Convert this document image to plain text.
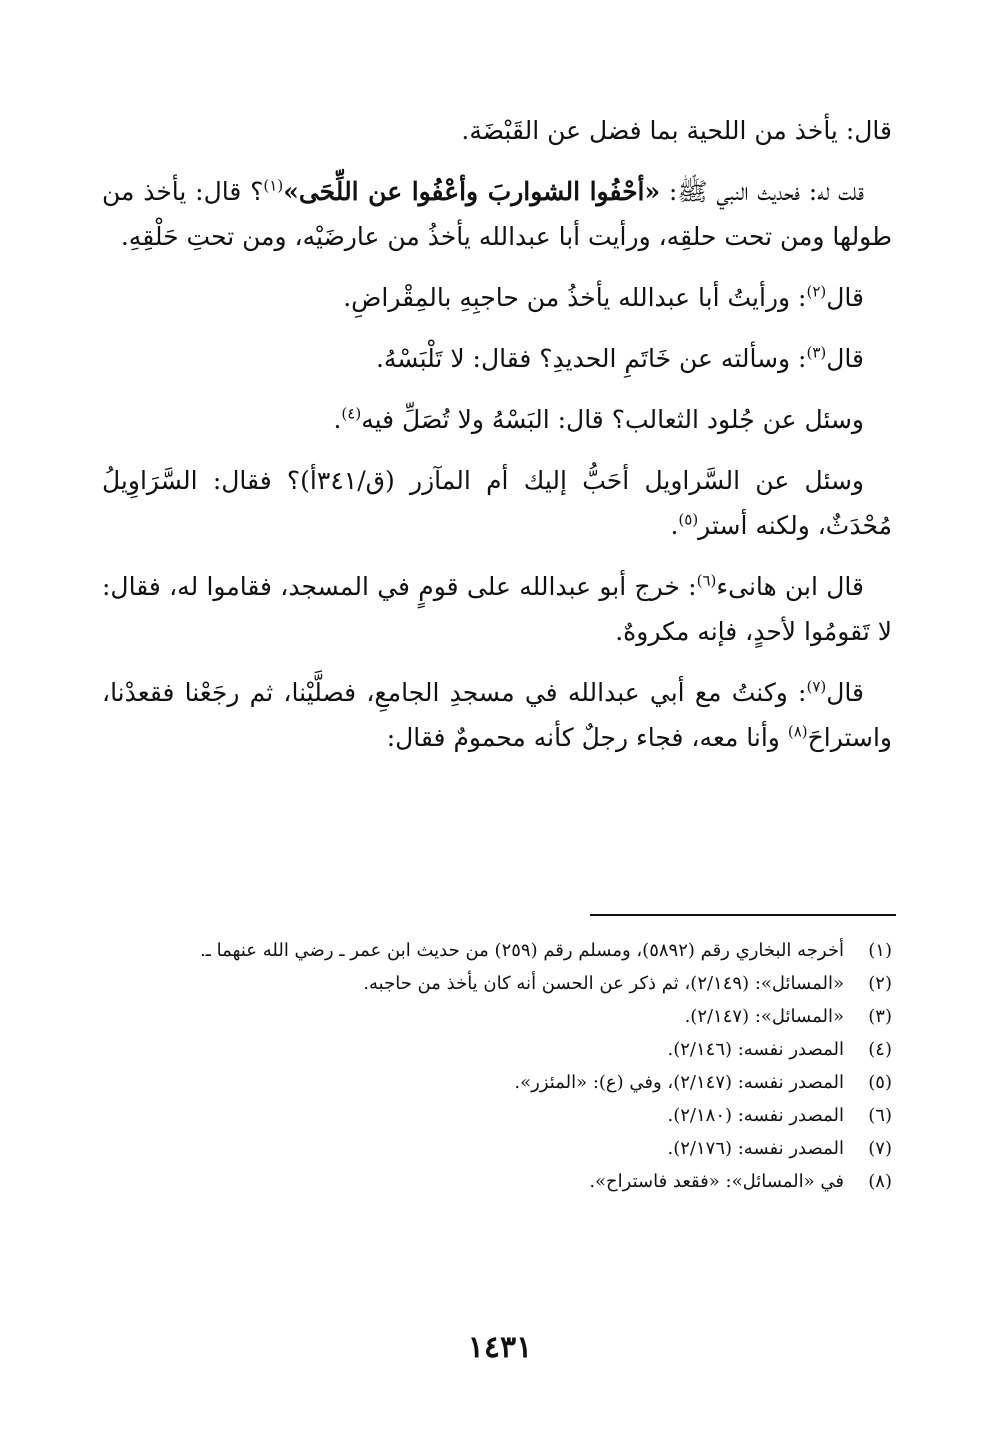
قال: يأخذ من اللحية بما فضل عن القَبْضَة.

قلت له: فحديث النبي ﷺ: «أحْفُوا الشواربَ وأعْفُوا عن اللِّحَى»$^{(١)}$؟ قال: يأخذ من طولها ومن تحت حلقِه، ورأيت أبا عبدالله يأخذُ من عارضَيْه، ومن تحتِ حَلْقِهِ.

قال$^{(٢)}$: ورأيتُ أبا عبدالله يأخذُ من حاجبِهِ بالمِقْراضِ.

قال$^{(٣)}$: وسألته عن خَاتَمِ الحديدِ؟ فقال: لا تَلْبَسْهُ.

وسئل عن جُلود الثعالب؟ قال: البَسْهُ ولا تُصَلِّ فيه$^{(٤)}$.

وسئل عن السَّراويل أحَبُّ إليك أم المآزر (ق/٣٤١أ)؟ فقال: السَّرَاوِيلُ مُحْدَثٌ، ولكنه أستر$^{(٥)}$.

قال ابن هانىء$^{(٦)}$: خرج أبو عبدالله على قومٍ في المسجد، فقاموا له، فقال: لا تَقومُوا لأحدٍ، فإنه مكروهٌ.

قال$^{(٧)}$: وكنتُ مع أبي عبدالله في مسجدِ الجامعِ، فصلَّيْنا، ثم رجَعْنا فقعدْنا، واستراحَ$^{(٨)}$ وأنا معه، فجاء رجلٌ كأنه محمومٌ فقال:

(١)
أخرجه البخاري رقم (٥٨٩٢)، ومسلم رقم (٢٥٩) من حديث ابن عمر ـ رضي الله عنهما ـ.
(٢)
«المسائل»: (٢/١٤٩)، ثم ذكر عن الحسن أنه كان يأخذ من حاجبه.
(٣)
«المسائل»: (٢/١٤٧).
(٤)
المصدر نفسه: (٢/١٤٦).
(٥)
المصدر نفسه: (٢/١٤٧)، وفي (ع): «المئزر».
(٦)
المصدر نفسه: (٢/١٨٠).
(٧)
المصدر نفسه: (٢/١٧٦).
(٨)
في «المسائل»: «فقعد فاستراح».
١٤٣١
